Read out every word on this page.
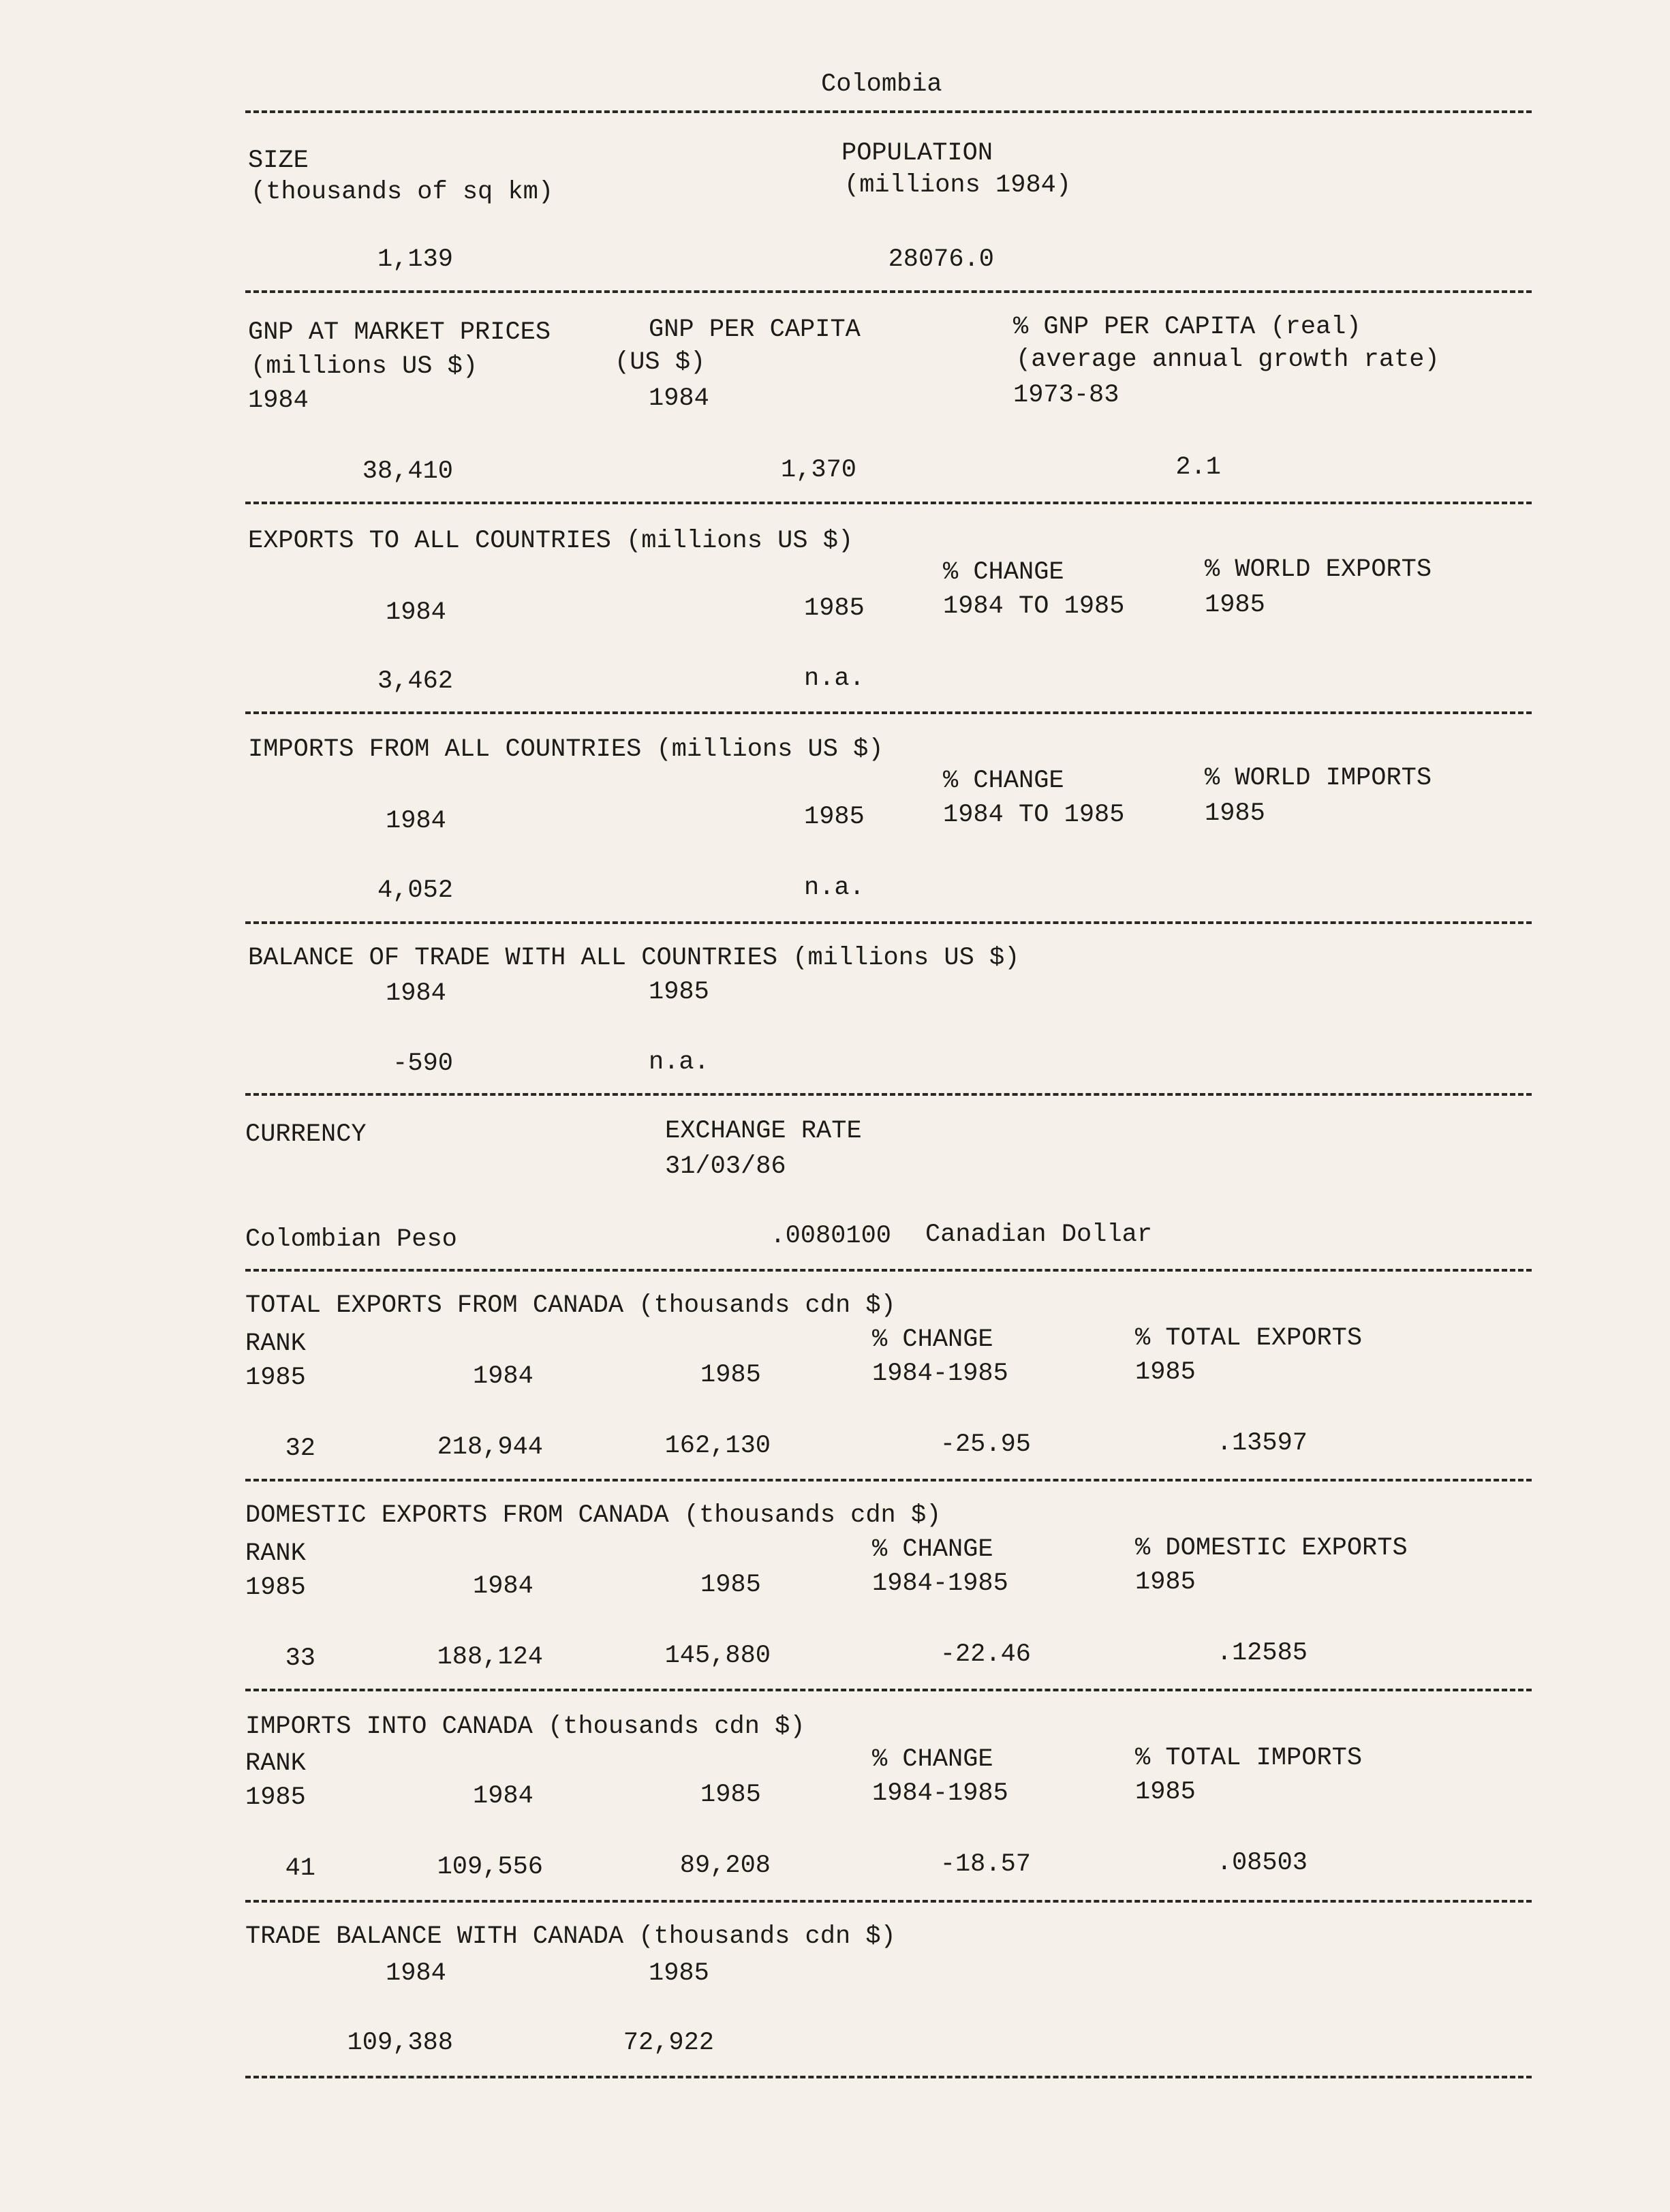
Colombia
SIZE
(thousands of sq km)
1,139
POPULATION
(millions 1984)
28076.0
GNP AT MARKET PRICES
(millions US $)
1984
38,410
GNP PER CAPITA
(US $)
1984
1,370
% GNP PER CAPITA (real)
(average annual growth rate)
1973-83
2.1
EXPORTS TO ALL COUNTRIES (millions US $)
% CHANGE	% WORLD EXPORTS
1984	1985	1984 TO 1985	1985
3,462	n.a.
IMPORTS FROM ALL COUNTRIES (millions US $)
% CHANGE	% WORLD IMPORTS
1984	1985	1984 TO 1985	1985
4,052	n.a.
BALANCE OF TRADE WITH ALL COUNTRIES (millions US $)
1984	1985
-590	n.a.
CURRENCY	EXCHANGE RATE
31/03/86
Colombian Peso	.0080100 Canadian Dollar
TOTAL EXPORTS FROM CANADA (thousands cdn $)
RANK	% CHANGE	% TOTAL EXPORTS
1985	1984	1985	1984-1985	1985
32	218,944	162,130	-25.95	.13597
DOMESTIC EXPORTS FROM CANADA (thousands cdn $)
RANK	% CHANGE	% DOMESTIC EXPORTS
1985	1984	1985	1984-1985	1985
33	188,124	145,880	-22.46	.12585
IMPORTS INTO CANADA (thousands cdn $)
RANK	% CHANGE	% TOTAL IMPORTS
1985	1984	1985	1984-1985	1985
41	109,556	89,208	-18.57	.08503
TRADE BALANCE WITH CANADA (thousands cdn $)
1984	1985
109,388	72,922
